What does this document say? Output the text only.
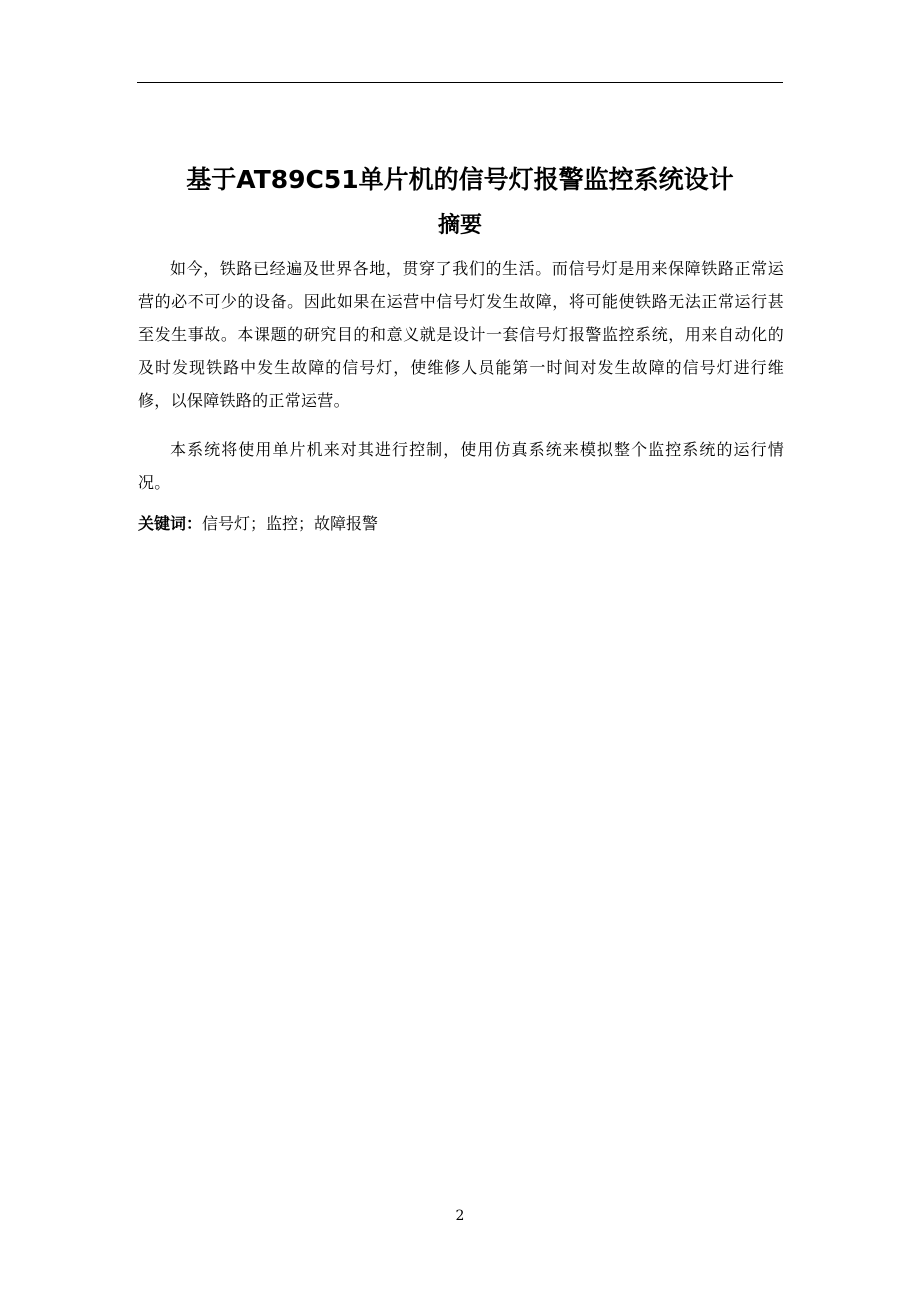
基于AT89C51单片机的信号灯报警监控系统设计
摘要

如今，铁路已经遍及世界各地，贯穿了我们的生活。而信号灯是用来保障铁路正常运营的必不可少的设备。因此如果在运营中信号灯发生故障，将可能使铁路无法正常运行甚至发生事故。本课题的研究目的和意义就是设计一套信号灯报警监控系统，用来自动化的及时发现铁路中发生故障的信号灯，使维修人员能第一时间对发生故障的信号灯进行维修，以保障铁路的正常运营。

本系统将使用单片机来对其进行控制，使用仿真系统来模拟整个监控系统的运行情况。

关键词：信号灯；监控；故障报警

2
